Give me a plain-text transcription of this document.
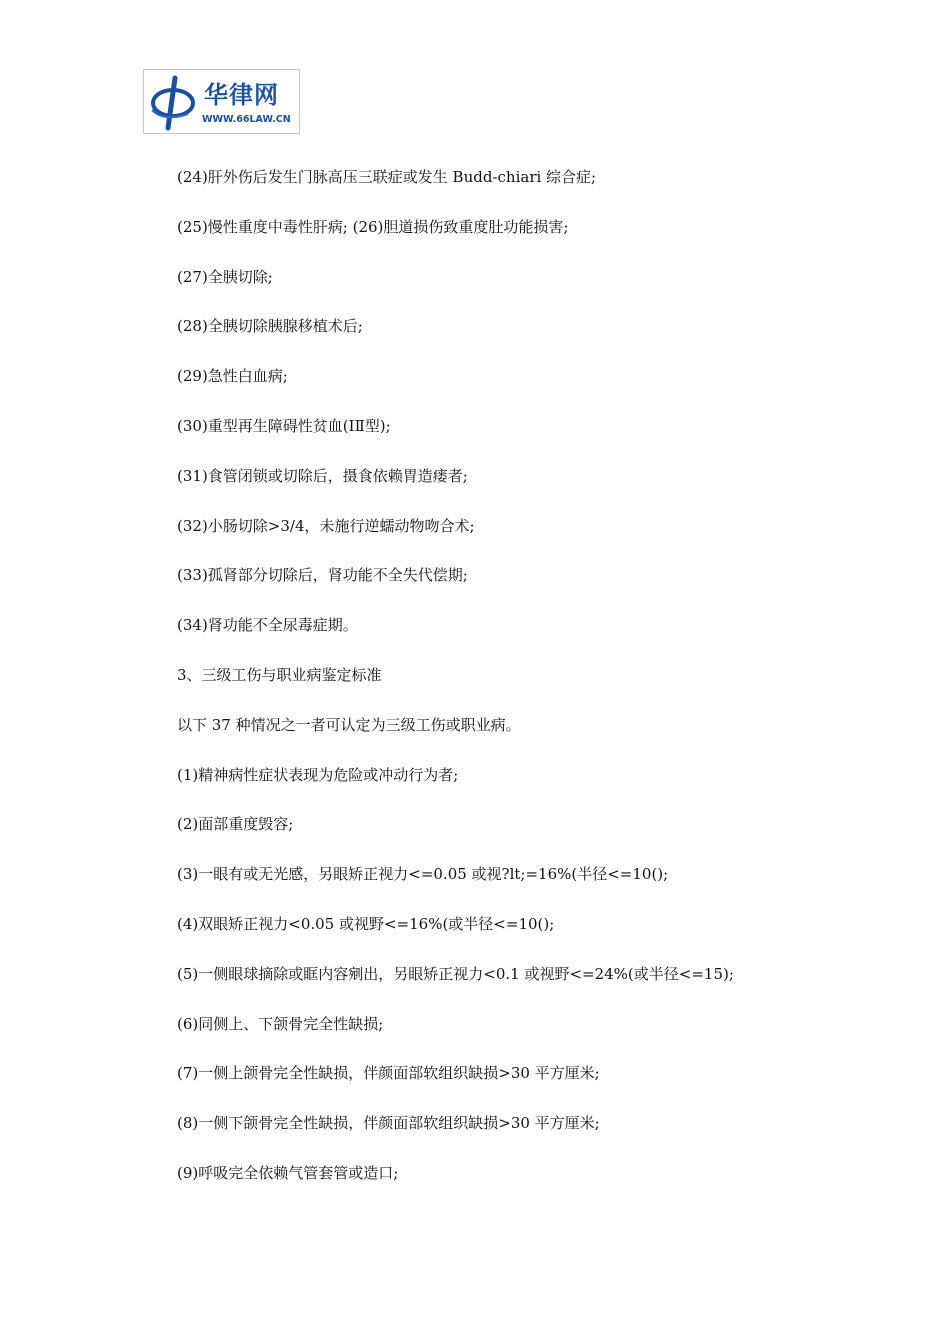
华律网
WWW.66LAW.CN

(24)肝外伤后发生门脉高压三联症或发生 Budd-chiari 综合症;

(25)慢性重度中毒性肝病; (26)胆道损伤致重度肚功能损害;

(27)全胰切除;

(28)全胰切除胰腺移植术后;

(29)急性白血病;

(30)重型再生障碍性贫血(ⅠⅡ型);

(31)食管闭锁或切除后，摄食依赖胃造瘘者;

(32)小肠切除>3/4，未施行逆蠕动物吻合术;

(33)孤肾部分切除后，肾功能不全失代偿期;

(34)肾功能不全尿毒症期。

3、三级工伤与职业病鉴定标准

以下 37 种情况之一者可认定为三级工伤或职业病。

(1)精神病性症状表现为危险或冲动行为者;

(2)面部重度毁容;

(3)一眼有或无光感，另眼矫正视力<=0.05 或视?lt;=16%(半径<=10();

(4)双眼矫正视力<0.05 或视野<=16%(或半径<=10();

(5)一侧眼球摘除或眶内容剜出，另眼矫正视力<0.1 或视野<=24%(或半径<=15);

(6)同侧上、下颌骨完全性缺损;

(7)一侧上颌骨完全性缺损，伴颜面部软组织缺损>30 平方厘米;

(8)一侧下颌骨完全性缺损，伴颜面部软组织缺损>30 平方厘米;

(9)呼吸完全依赖气管套管或造口;
